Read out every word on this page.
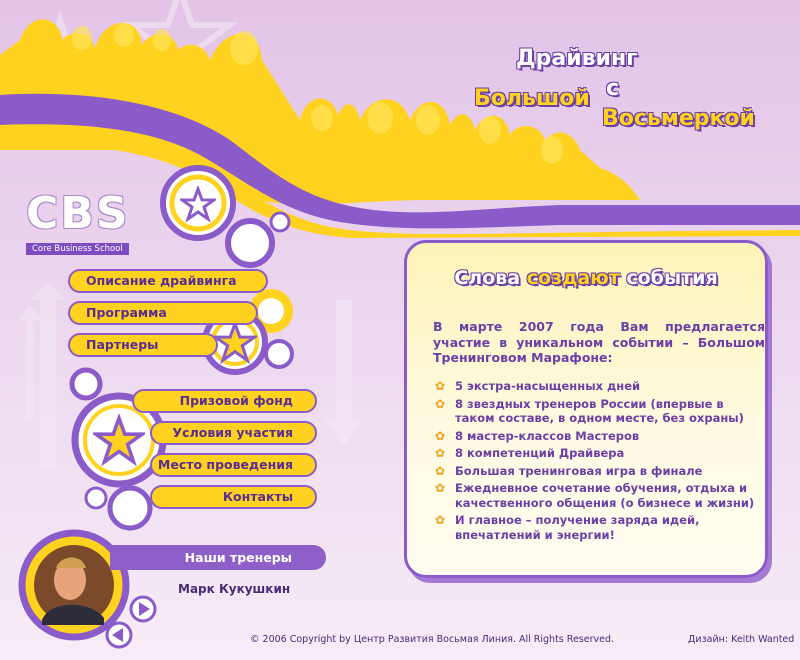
Драйвинг
Большой с
Восьмеркой
CBS
Core Business School
Описание драйвинга
Программа
Партнеры
Призовой фонд
Условия участия
Место проведения
Контакты
Наши тренеры
Марк Кукушкин
Слова создают события
В марте 2007 года Вам предлагается участие в уникальном событии – Большом Тренинговом Марафоне:
✿ 5 экстра-насыщенных дней
✿ 8 звездных тренеров России (впервые в таком составе, в одном месте, без охраны)
✿ 8 мастер-классов Мастеров
✿ 8 компетенций Драйвера
✿ Большая тренинговая игра в финале
✿ Ежедневное сочетание обучения, отдыха и качественного общения (о бизнесе и жизни)
✿ И главное – получение заряда идей, впечатлений и энергии!
© 2006 Copyright by Центр Развития Восьмая Линия. All Rights Reserved.	Дизайн: Keith Wanted
